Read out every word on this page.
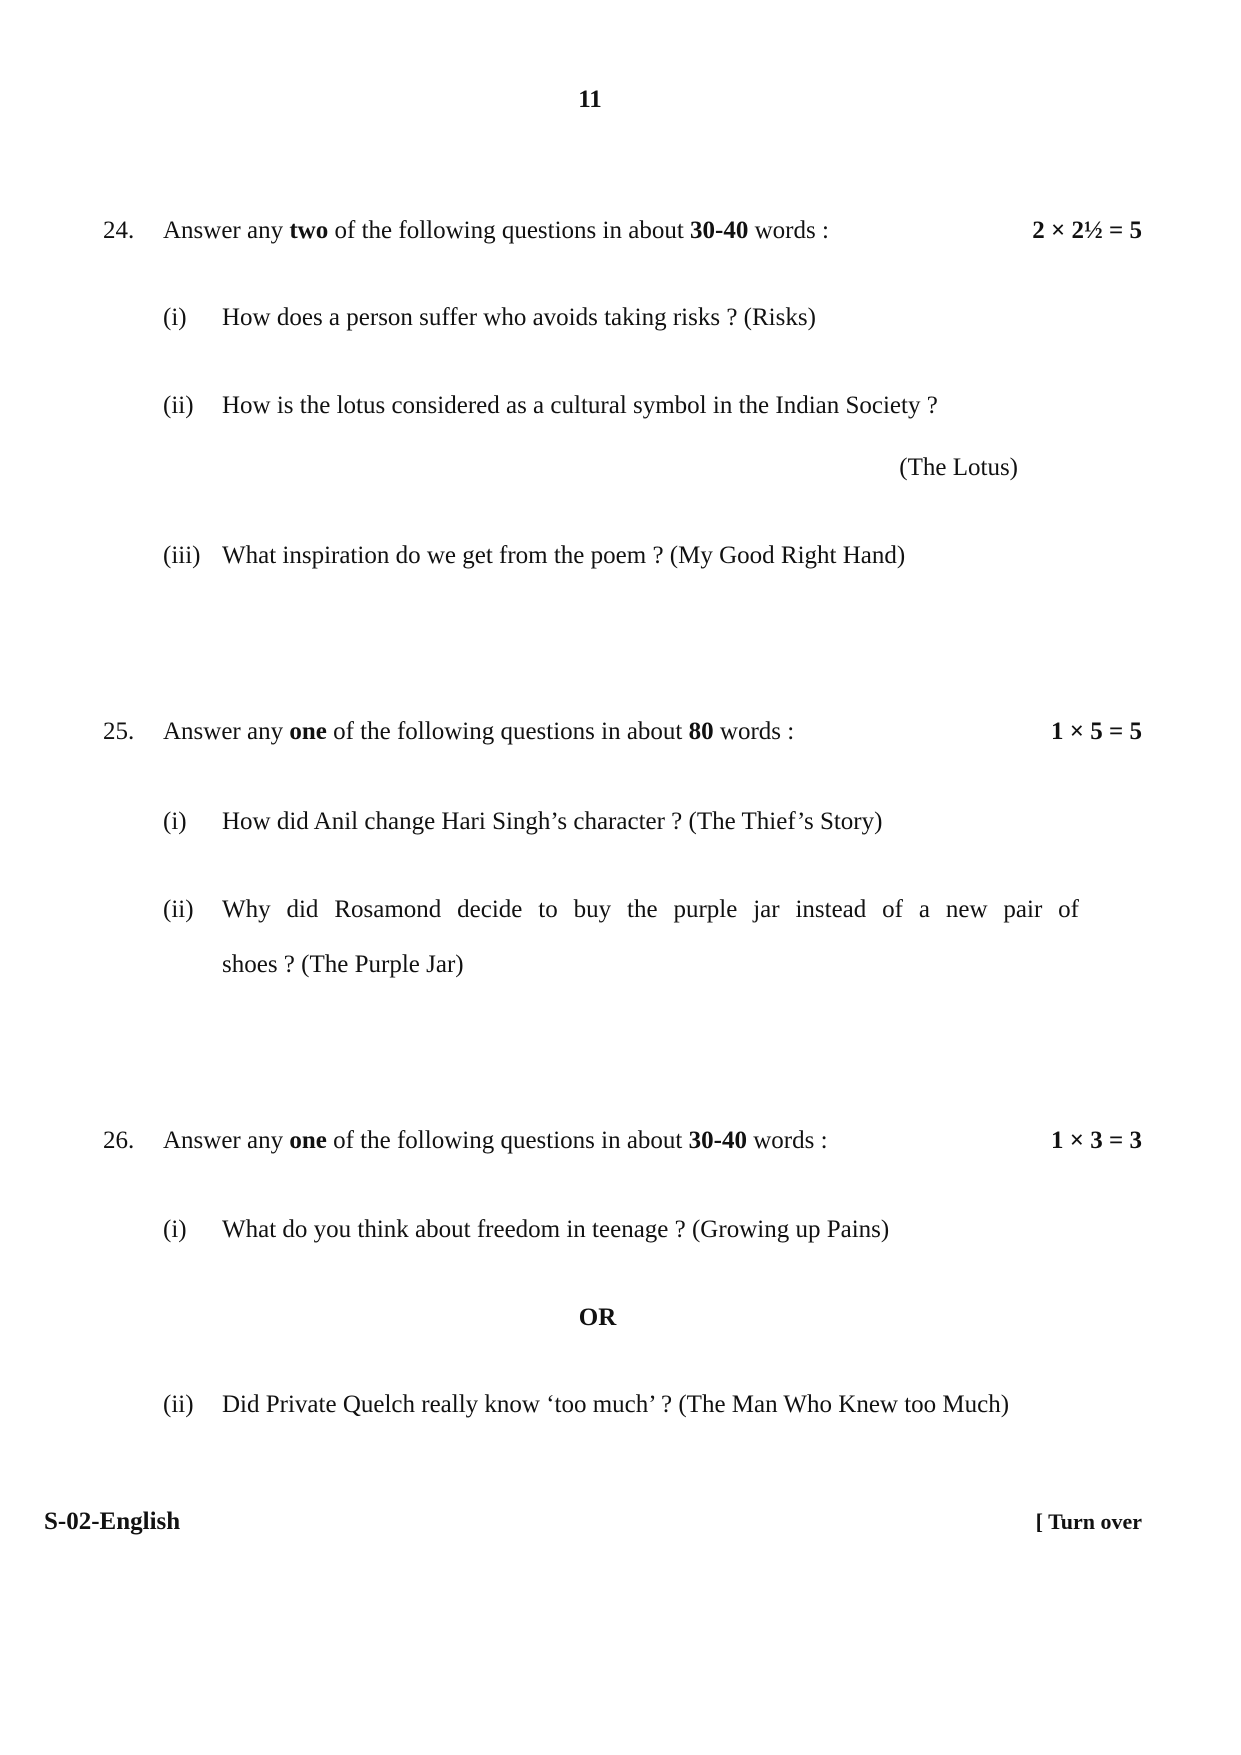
11
24. Answer any two of the following questions in about 30-40 words :	2 × 2½ = 5
(i) How does a person suffer who avoids taking risks ? (Risks)
(ii) How is the lotus considered as a cultural symbol in the Indian Society ?
(The Lotus)
(iii) What inspiration do we get from the poem ? (My Good Right Hand)
25. Answer any one of the following questions in about 80 words :	1 × 5 = 5
(i) How did Anil change Hari Singh’s character ? (The Thief’s Story)
(ii) Why did Rosamond decide to buy the purple jar instead of a new pair of
shoes ? (The Purple Jar)
26. Answer any one of the following questions in about 30-40 words :	1 × 3 = 3
(i) What do you think about freedom in teenage ? (Growing up Pains)
OR
(ii) Did Private Quelch really know ‘too much’ ? (The Man Who Knew too Much)
S-02-English	[ Turn over
